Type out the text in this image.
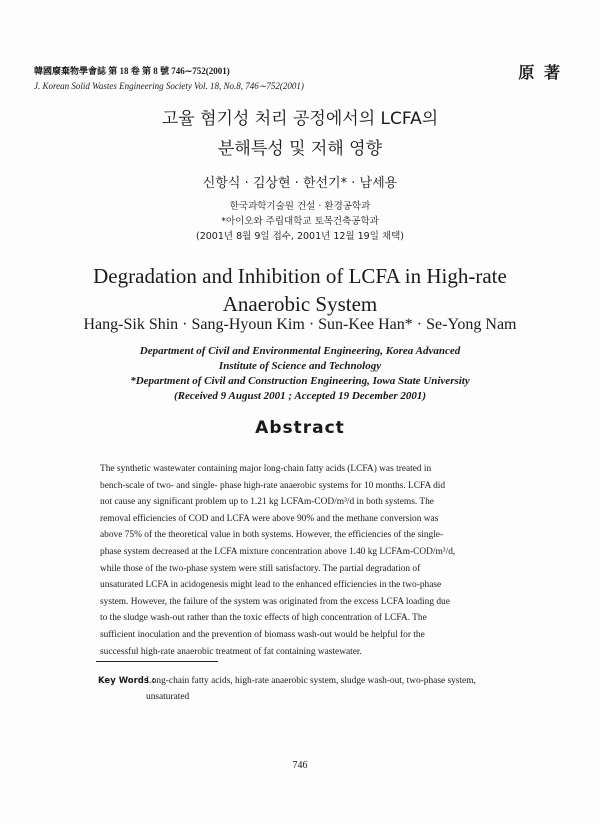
韓國廢棄物學會誌 第 18 卷 第 8 號 746∼752(2001)
J. Korean Solid Wastes Engineering Society Vol. 18, No.8, 746∼752(2001)
原 著
고율 혐기성 처리 공정에서의 LCFA의
분해특성 및 저해 영향
신항식 · 김상현 · 한선기* · 남세용
한국과학기술원 건설 · 환경공학과
*아이오와 주립대학교 토목건축공학과
(2001년 8월 9일 접수, 2001년 12월 19일 채택)
Degradation and Inhibition of LCFA in High-rate
Anaerobic System
Hang-Sik Shin · Sang-Hyoun Kim · Sun-Kee Han* · Se-Yong Nam
Department of Civil and Environmental Engineering, Korea Advanced
Institute of Science and Technology
*Department of Civil and Construction Engineering, Iowa State University
(Received 9 August 2001 ; Accepted 19 December 2001)
Abstract
The synthetic wastewater containing major long-chain fatty acids (LCFA) was treated in
bench-scale of two- and single- phase high-rate anaerobic systems for 10 months. LCFA did
not cause any significant problem up to 1.21 kg LCFAm-COD/m³/d in both systems. The
removal efficiencies of COD and LCFA were above 90% and the methane conversion was
above 75% of the theoretical value in both systems. However, the efficiencies of the single-
phase system decreased at the LCFA mixture concentration above 1.40 kg LCFAm-COD/m³/d,
while those of the two-phase system were still satisfactory. The partial degradation of
unsaturated LCFA in acidogenesis might lead to the enhanced efficiencies in the two-phase
system. However, the failure of the system was originated from the excess LCFA loading due
to the sludge wash-out rather than the toxic effects of high concentration of LCFA. The
sufficient inoculation and the prevention of biomass wash-out would be helpful for the
successful high-rate anaerobic treatment of fat containing wastewater.
Key Words :
Long-chain fatty acids, high-rate anaerobic system, sludge wash-out, two-phase system, unsaturated
746
